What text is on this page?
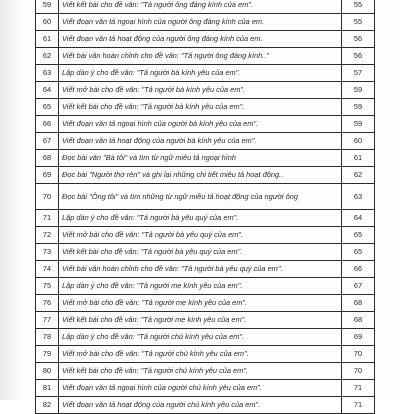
59	Viết kết bài cho đề văn: "Tả người ông đáng kính của em".	55
60	Viết đoạn văn tả ngoại hình của người ông đáng kính của em.	55
61	Viết đoạn văn tả hoạt động của người ông đáng kính của em.	56
62	Viết bài văn hoàn chỉnh cho đề văn: "Tả người ông đáng kính.."	56
63	Lập dàn ý cho đề văn: "Tả người bà kính yêu của em".	57
64	Viết mở bài cho đề văn: "Tả người bà kính yêu của em".	59
65	Viết kết bài cho đề văn: "Tả người bà kính yêu của em".	59
66	Viết đoạn văn tả ngoại hình của người bà kính yêu của em".	59
67	Viết đoạn văn tả hoạt động của người bà kính yêu của em".	60
68	Đọc bài văn "Bà tôi" và tìm từ ngữ miêu tả ngoại hình	61
69	Đọc bài "Người thợ rèn" và ghi lại những chi tiết miêu tả hoạt động..	62
70	Đọc bài "Ông tôi" và tìm những từ ngữ miêu tả hoạt động của người ông	63
71	Lập dàn ý cho đề văn: "Tả người bà yêu quý của em".	64
72	Viết mở bài cho đề văn: "Tả người bà yêu quý của em".	65
73	Viết kết bài cho đề văn: "Tả người bà yêu quý của em".	65
74	Viết bài văn hoàn chỉnh cho đề văn: "Tả người bà yêu quý của em".	66
75	Lập dàn ý cho đề văn: "Tả người mẹ kính yêu của em".	67
76	Viết mở bài cho đề văn: "Tả người mẹ kính yêu của em".	68
77	Viết kết bài cho đề văn: "Tả người mẹ kính yêu của em".	68
78	Lập dàn ý cho đề văn: "Tả người chú kính yêu của em".	69
79	Viết mở bài cho đề văn: "Tả người chú kính yêu của em".	70
80	Viết kết bài cho đề văn: "Tả người chú kính yêu của em".	70
81	Viết đoạn văn tả ngoại hình của người chú kính yêu của em".	71
82	Viết đoạn văn tả hoạt động của người chú kính yêu của em".	71
